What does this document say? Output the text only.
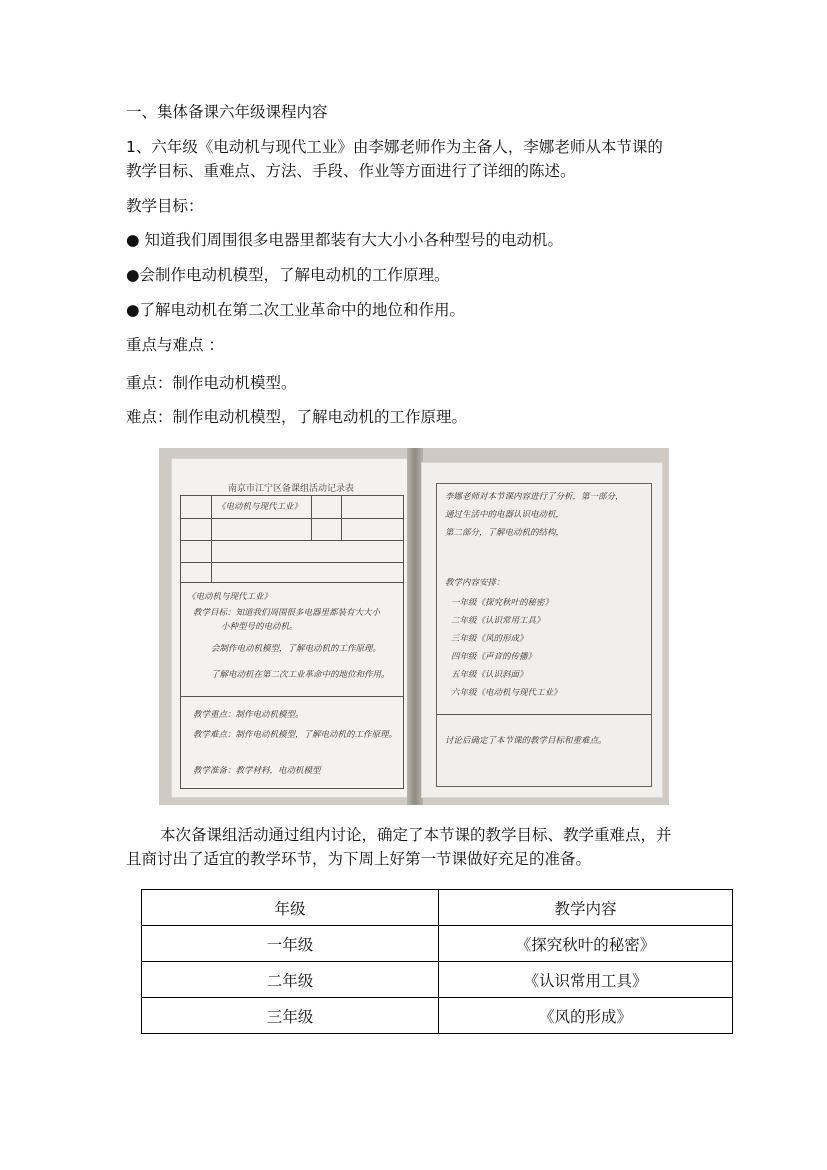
一、集体备课六年级课程内容
1、六年级《电动机与现代工业》由李娜老师作为主备人，李娜老师从本节课的
教学目标、重难点、方法、手段、作业等方面进行了详细的陈述。
教学目标：
● 知道我们周围很多电器里都装有大大小小各种型号的电动机。
●会制作电动机模型，了解电动机的工作原理。
●了解电动机在第二次工业革命中的地位和作用。
重点与难点 ：
重点：制作电动机模型。
难点：制作电动机模型，了解电动机的工作原理。
南京市江宁区备课组活动记录表
《电动机与现代工业》
《电动机与现代工业》
教学目标：知道我们周围很多电器里都装有大大小
小种型号的电动机。
会制作电动机模型，了解电动机的工作原理。
了解电动机在第二次工业革命中的地位和作用。
教学重点：制作电动机模型。
教学难点：制作电动机模型，了解电动机的工作原理。
教学准备：教学材料，电动机模型
李娜老师对本节课内容进行了分析，第一部分，
通过生活中的电器认识电动机，
第二部分，了解电动机的结构，
教学内容安排：
一年级《探究秋叶的秘密》
二年级《认识常用工具》
三年级《风的形成》
四年级《声音的传播》
五年级《认识斜面》
六年级《电动机与现代工业》
讨论后确定了本节课的教学目标和重难点。
本次备课组活动通过组内讨论，确定了本节课的教学目标、教学重难点，并
且商讨出了适宜的教学环节，为下周上好第一节课做好充足的准备。
年级	教学内容
一年级	《探究秋叶的秘密》
二年级	《认识常用工具》
三年级	《风的形成》
